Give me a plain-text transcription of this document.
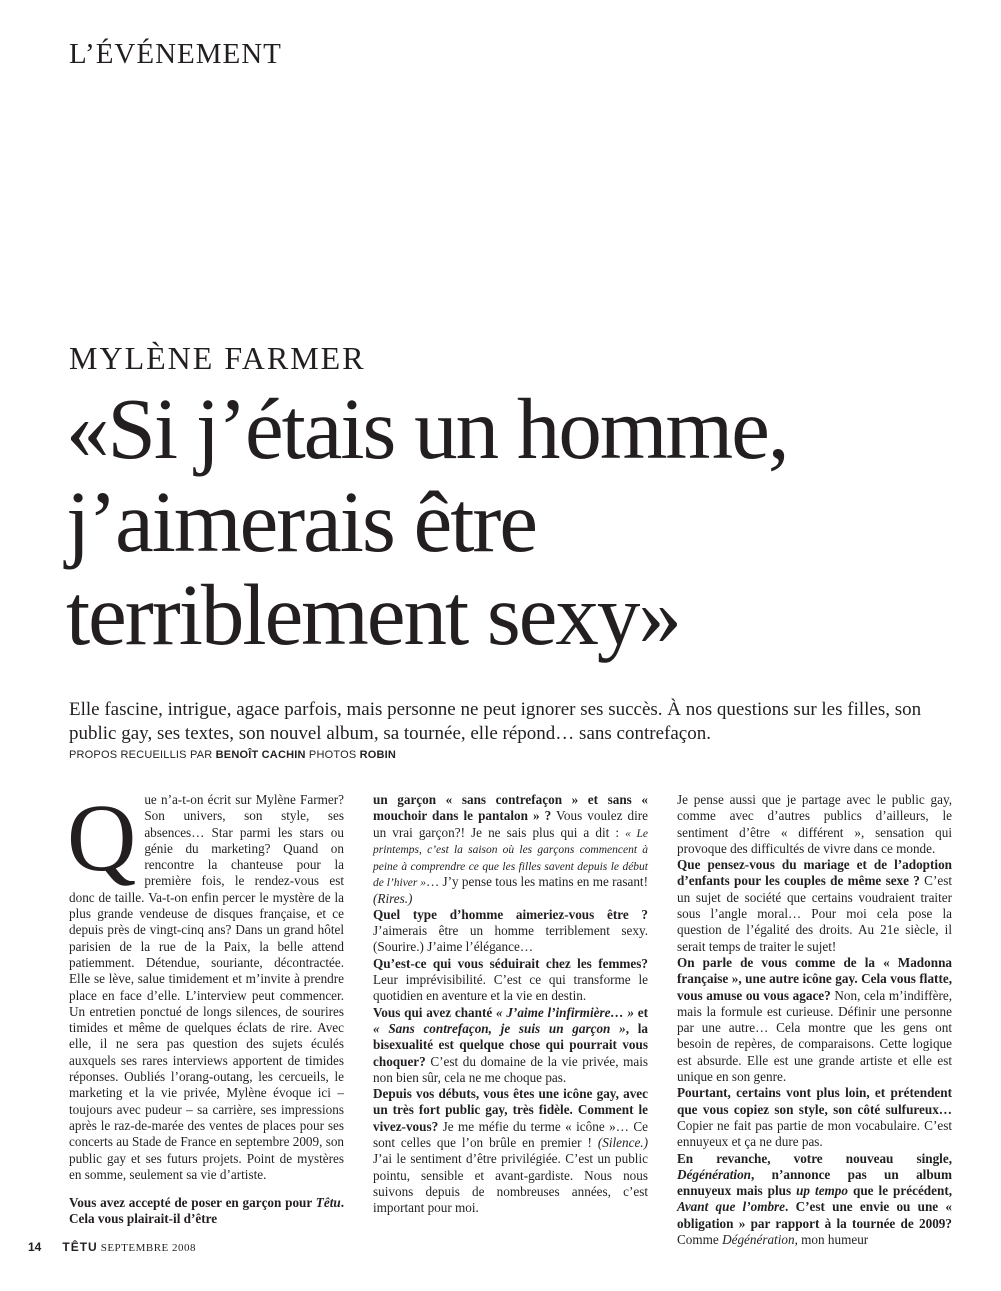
L’ÉVÉNEMENT
MYLÈNE FARMER
«Si j’étais un homme,
j’aimerais être
terriblement sexy»
Elle fascine, intrigue, agace parfois, mais personne ne peut ignorer ses succès. À nos questions sur les filles, son public gay, ses textes, son nouvel album, sa tournée, elle répond… sans contrefaçon.
PROPOS RECUEILLIS PAR BENOÎT CACHIN PHOTOS ROBIN

Que n’a-t-on écrit sur Mylène Farmer? Son univers, son style, ses absences… Star parmi les stars ou génie du marketing? Quand on rencontre la chanteuse pour la première fois, le rendez-vous est donc de taille. Va-t-on enfin percer le mystère de la plus grande vendeuse de disques française, et ce depuis près de vingt-cinq ans? Dans un grand hôtel parisien de la rue de la Paix, la belle attend patiemment. Détendue, souriante, décontractée. Elle se lève, salue timidement et m’invite à prendre place en face d’elle. L’interview peut commencer. Un entretien ponctué de longs silences, de sourires timides et même de quelques éclats de rire. Avec elle, il ne sera pas question des sujets éculés auxquels ses rares interviews apportent de timides réponses. Oubliés l’orang-outang, les cercueils, le marketing et la vie privée, Mylène évoque ici – toujours avec pudeur – sa carrière, ses impressions après le raz-de-marée des ventes de places pour ses concerts au Stade de France en septembre 2009, son public gay et ses futurs projets. Point de mystères en somme, seulement sa vie d’artiste.

Vous avez accepté de poser en garçon pour Têtu. Cela vous plairait-il d’être

un garçon « sans contrefaçon » et sans « mouchoir dans le pantalon » ? Vous voulez dire un vrai garçon?! Je ne sais plus qui a dit : « Le printemps, c’est la saison où les garçons commencent à peine à comprendre ce que les filles savent depuis le début de l’hiver »… J’y pense tous les matins en me rasant! (Rires.)

Quel type d’homme aimeriez-vous être ? J’aimerais être un homme terriblement sexy. (Sourire.) J’aime l’élégance…

Qu’est-ce qui vous séduirait chez les femmes? Leur imprévisibilité. C’est ce qui transforme le quotidien en aventure et la vie en destin.

Vous qui avez chanté « J’aime l’infirmière… » et « Sans contrefaçon, je suis un garçon », la bisexualité est quelque chose qui pourrait vous choquer? C’est du domaine de la vie privée, mais non bien sûr, cela ne me choque pas.

Depuis vos débuts, vous êtes une icône gay, avec un très fort public gay, très fidèle. Comment le vivez-vous? Je me méfie du terme « icône »… Ce sont celles que l’on brûle en premier ! (Silence.) J’ai le sentiment d’être privilégiée. C’est un public pointu, sensible et avant-gardiste. Nous nous suivons depuis de nombreuses années, c’est important pour moi.

Je pense aussi que je partage avec le public gay, comme avec d’autres publics d’ailleurs, le sentiment d’être « différent », sensation qui provoque des difficultés de vivre dans ce monde.

Que pensez-vous du mariage et de l’adoption d’enfants pour les couples de même sexe ? C’est un sujet de société que certains voudraient traiter sous l’angle moral… Pour moi cela pose la question de l’égalité des droits. Au 21e siècle, il serait temps de traiter le sujet!

On parle de vous comme de la « Madonna française », une autre icône gay. Cela vous flatte, vous amuse ou vous agace? Non, cela m’indiffère, mais la formule est curieuse. Définir une personne par une autre… Cela montre que les gens ont besoin de repères, de comparaisons. Cette logique est absurde. Elle est une grande artiste et elle est unique en son genre.

Pourtant, certains vont plus loin, et prétendent que vous copiez son style, son côté sulfureux… Copier ne fait pas partie de mon vocabulaire. C’est ennuyeux et ça ne dure pas.

En revanche, votre nouveau single, Dégénération, n’annonce pas un album ennuyeux mais plus up tempo que le précédent, Avant que l’ombre. C’est une envie ou une « obligation » par rapport à la tournée de 2009? Comme Dégénération, mon humeur

14 TÊTU SEPTEMBRE 2008
